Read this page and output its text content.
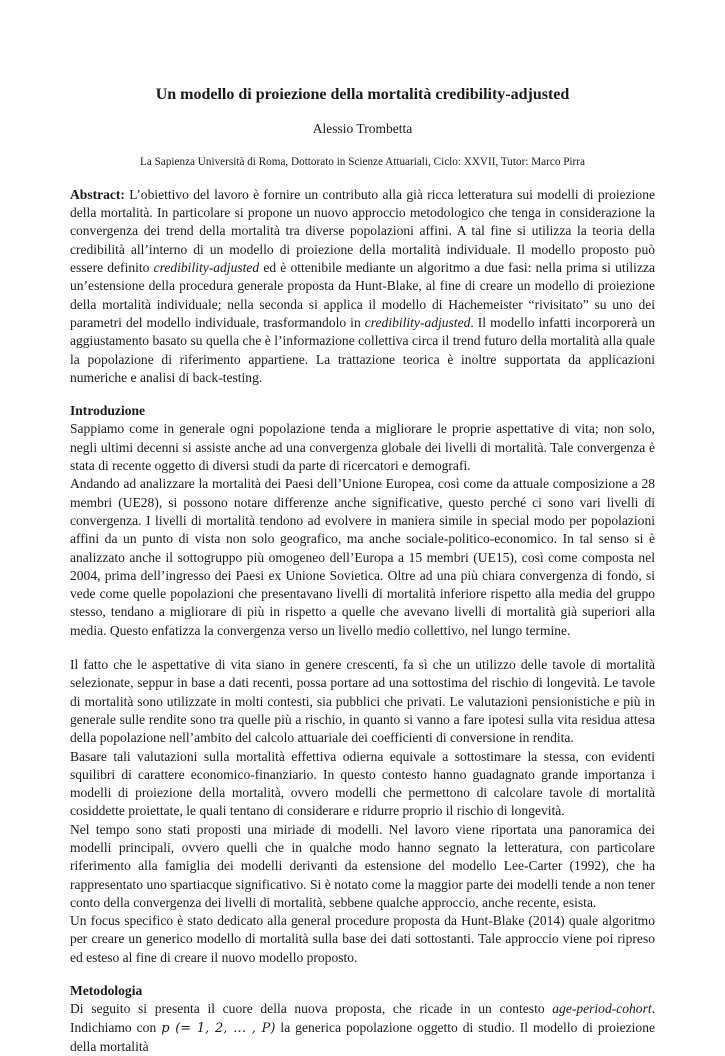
Un modello di proiezione della mortalità credibility-adjusted
Alessio Trombetta
La Sapienza Università di Roma, Dottorato in Scienze Attuariali, Ciclo: XXVII, Tutor: Marco Pirra

Abstract: L’obiettivo del lavoro è fornire un contributo alla già ricca letteratura sui modelli di proiezione della mortalità. In particolare si propone un nuovo approccio metodologico che tenga in considerazione la convergenza dei trend della mortalità tra diverse popolazioni affini. A tal fine si utilizza la teoria della credibilità all’interno di un modello di proiezione della mortalità individuale. Il modello proposto può essere definito credibility-adjusted ed è ottenibile mediante un algoritmo a due fasi: nella prima si utilizza un’estensione della procedura generale proposta da Hunt-Blake, al fine di creare un modello di proiezione della mortalità individuale; nella seconda si applica il modello di Hachemeister “rivisitato” su uno dei parametri del modello individuale, trasformandolo in credibility-adjusted. Il modello infatti incorporerà un aggiustamento basato su quella che è l’informazione collettiva circa il trend futuro della mortalità alla quale la popolazione di riferimento appartiene. La trattazione teorica è inoltre supportata da applicazioni numeriche e analisi di back-testing.

Introduzione

Sappiamo come in generale ogni popolazione tenda a migliorare le proprie aspettative di vita; non solo, negli ultimi decenni si assiste anche ad una convergenza globale dei livelli di mortalità. Tale convergenza è stata di recente oggetto di diversi studi da parte di ricercatori e demografi.

Andando ad analizzare la mortalità dei Paesi dell’Unione Europea, così come da attuale composizione a 28 membri (UE28), si possono notare differenze anche significative, questo perché ci sono vari livelli di convergenza. I livelli di mortalità tendono ad evolvere in maniera simile in special modo per popolazioni affini da un punto di vista non solo geografico, ma anche sociale-politico-economico. In tal senso si è analizzato anche il sottogruppo più omogeneo dell’Europa a 15 membri (UE15), così come composta nel 2004, prima dell’ingresso dei Paesi ex Unione Sovietica. Oltre ad una più chiara convergenza di fondo, si vede come quelle popolazioni che presentavano livelli di mortalità inferiore rispetto alla media del gruppo stesso, tendano a migliorare di più in rispetto a quelle che avevano livelli di mortalità già superiori alla media. Questo enfatizza la convergenza verso un livello medio collettivo, nel lungo termine.

Il fatto che le aspettative di vita siano in genere crescenti, fa sì che un utilizzo delle tavole di mortalità selezionate, seppur in base a dati recenti, possa portare ad una sottostima del rischio di longevità. Le tavole di mortalità sono utilizzate in molti contesti, sia pubblici che privati. Le valutazioni pensionistiche e più in generale sulle rendite sono tra quelle più a rischio, in quanto si vanno a fare ipotesi sulla vita residua attesa della popolazione nell’ambito del calcolo attuariale dei coefficienti di conversione in rendita.

Basare tali valutazioni sulla mortalità effettiva odierna equivale a sottostimare la stessa, con evidenti squilibri di carattere economico-finanziario. In questo contesto hanno guadagnato grande importanza i modelli di proiezione della mortalità, ovvero modelli che permettono di calcolare tavole di mortalità cosiddette proiettate, le quali tentano di considerare e ridurre proprio il rischio di longevità.

Nel tempo sono stati proposti una miriade di modelli. Nel lavoro viene riportata una panoramica dei modelli principali, ovvero quelli che in qualche modo hanno segnato la letteratura, con particolare riferimento alla famiglia dei modelli derivanti da estensione del modello Lee-Carter (1992), che ha rappresentato uno spartiacque significativo. Si è notato come la maggior parte dei modelli tende a non tener conto della convergenza dei livelli di mortalità, sebbene qualche approccio, anche recente, esista.

Un focus specifico è stato dedicato alla general procedure proposta da Hunt-Blake (2014) quale algoritmo per creare un generico modello di mortalità sulla base dei dati sottostanti. Tale approccio viene poi ripreso ed esteso al fine di creare il nuovo modello proposto.

Metodologia

Di seguito si presenta il cuore della nuova proposta, che ricade in un contesto age-period-cohort. Indichiamo con p (= 1, 2, … , P) la generica popolazione oggetto di studio. Il modello di proiezione della mortalità
